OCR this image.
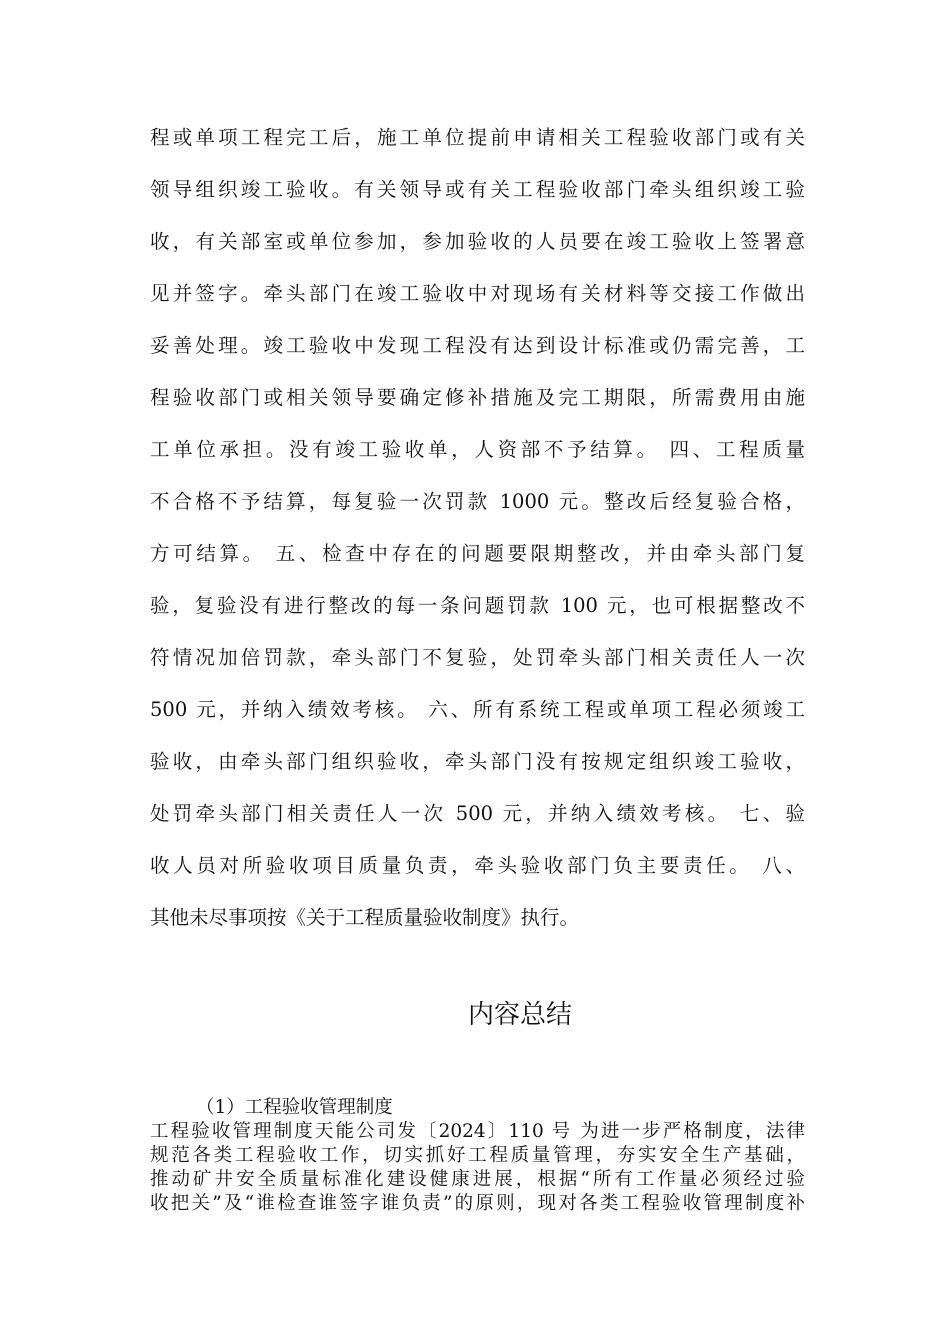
程或单项工程完工后，施工单位提前申请相关工程验收部门或有关
领导组织竣工验收。有关领导或有关工程验收部门牵头组织竣工验
收，有关部室或单位参加，参加验收的人员要在竣工验收上签署意
见并签字。牵头部门在竣工验收中对现场有关材料等交接工作做出
妥善处理。竣工验收中发现工程没有达到设计标准或仍需完善，工
程验收部门或相关领导要确定修补措施及完工期限，所需费用由施
工单位承担。没有竣工验收单，人资部不予结算。 四、工程质量
不合格不予结算，每复验一次罚款 1000 元。整改后经复验合格，
方可结算。 五、检查中存在的问题要限期整改，并由牵头部门复
验，复验没有进行整改的每一条问题罚款 100 元，也可根据整改不
符情况加倍罚款，牵头部门不复验，处罚牵头部门相关责任人一次
500 元，并纳入绩效考核。 六、所有系统工程或单项工程必须竣工
验收，由牵头部门组织验收，牵头部门没有按规定组织竣工验收，
处罚牵头部门相关责任人一次 500 元，并纳入绩效考核。 七、验
收人员对所验收项目质量负责，牵头验收部门负主要责任。 八、
其他未尽事项按《关于工程质量验收制度》执行。
内容总结
（1）工程验收管理制度
工程验收管理制度天能公司发〔2024〕110 号 为进一步严格制度，法律
规范各类工程验收工作，切实抓好工程质量管理，夯实安全生产基础，
推动矿井安全质量标准化建设健康进展，根据“所有工作量必须经过验
收把关”及“谁检查谁签字谁负责”的原则，现对各类工程验收管理制度补
